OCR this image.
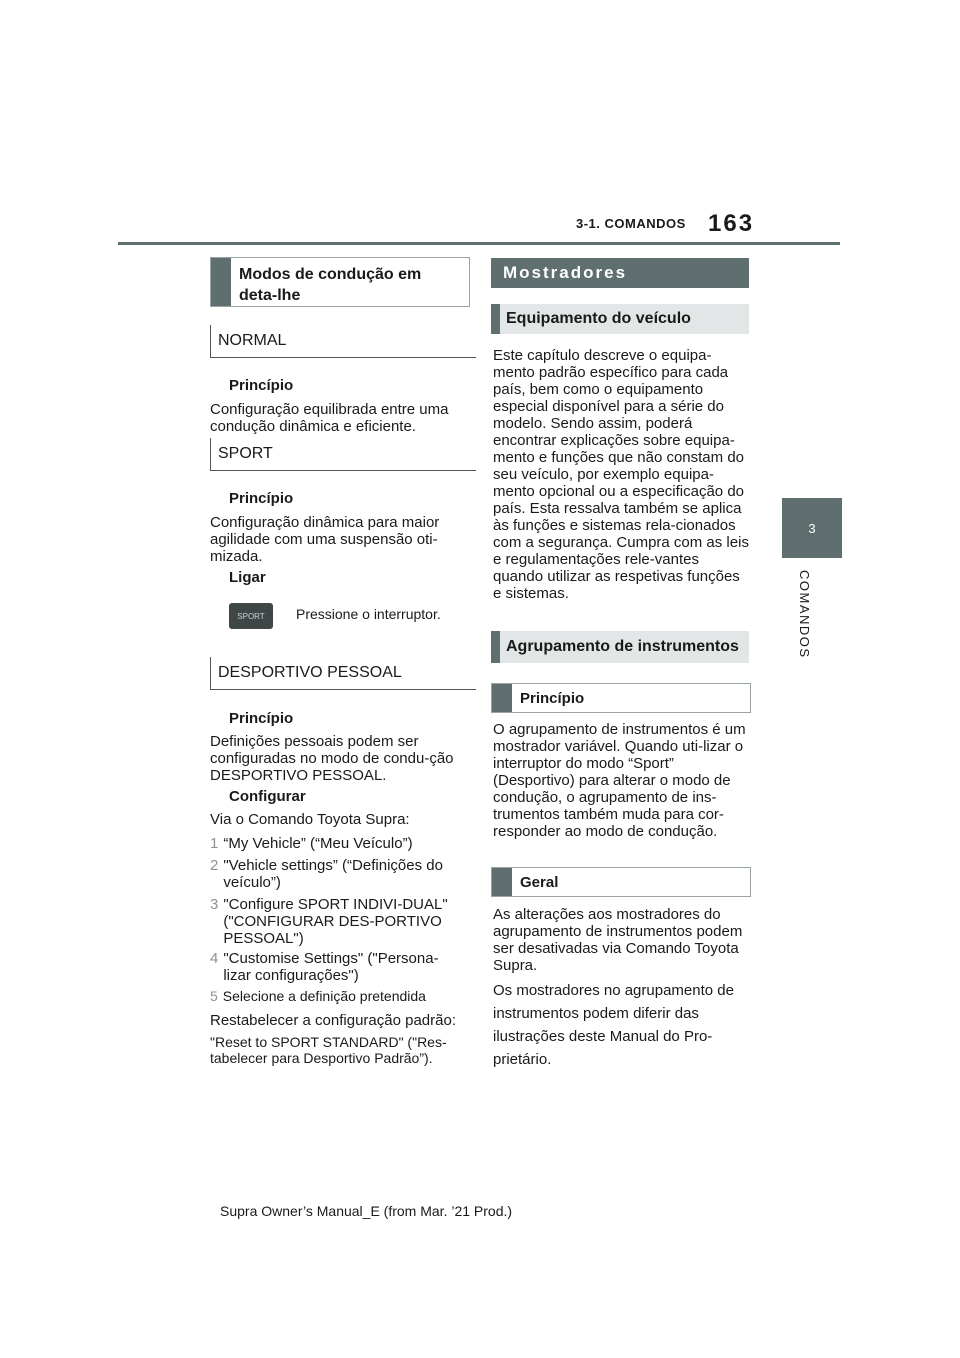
3-1. COMANDOS 163
3
COMANDOS
Modos de condução em deta-lhe
NORMAL
Princípio
Configuração equilibrada entre uma condução dinâmica e eficiente.
SPORT
Princípio
Configuração dinâmica para maior agilidade com uma suspensão oti-mizada.
Ligar
SPORT	Pressione o interruptor.
DESPORTIVO PESSOAL
Princípio
Definições pessoais podem ser configuradas no modo de condu-ção DESPORTIVO PESSOAL.
Configurar
Via o Comando Toyota Supra:
1 “My Vehicle” (“Meu Veículo”)
2 "Vehicle settings” (“Definições do veículo”)
3 "Configure SPORT INDIVI-DUAL" ("CONFIGURAR DES-PORTIVO PESSOAL")
4 "Customise Settings" ("Persona-lizar configurações")
5 Selecione a definição pretendida
Restabelecer a configuração padrão:
"Reset to SPORT STANDARD" ("Res-tabelecer para Desportivo Padrão”).
Mostradores
Equipamento do veículo
Este capítulo descreve o equipa-mento padrão específico para cada país, bem como o equipamento especial disponível para a série do modelo. Sendo assim, poderá encontrar explicações sobre equipa-mento e funções que não constam do seu veículo, por exemplo equipa-mento opcional ou a especificação do país. Esta ressalva também se aplica às funções e sistemas rela-cionados com a segurança. Cumpra com as leis e regulamentações rele-vantes quando utilizar as respetivas funções e sistemas.
Agrupamento de instrumentos
Princípio
O agrupamento de instrumentos é um mostrador variável. Quando uti-lizar o interruptor do modo “Sport” (Desportivo) para alterar o modo de condução, o agrupamento de ins-trumentos também muda para cor-responder ao modo de condução.
Geral
As alterações aos mostradores do agrupamento de instrumentos podem ser desativadas via Comando Toyota Supra.
Os mostradores no agrupamento de instrumentos podem diferir das ilustrações deste Manual do Pro-prietário.
Supra Owner’s Manual_E (from Mar. ’21 Prod.)
